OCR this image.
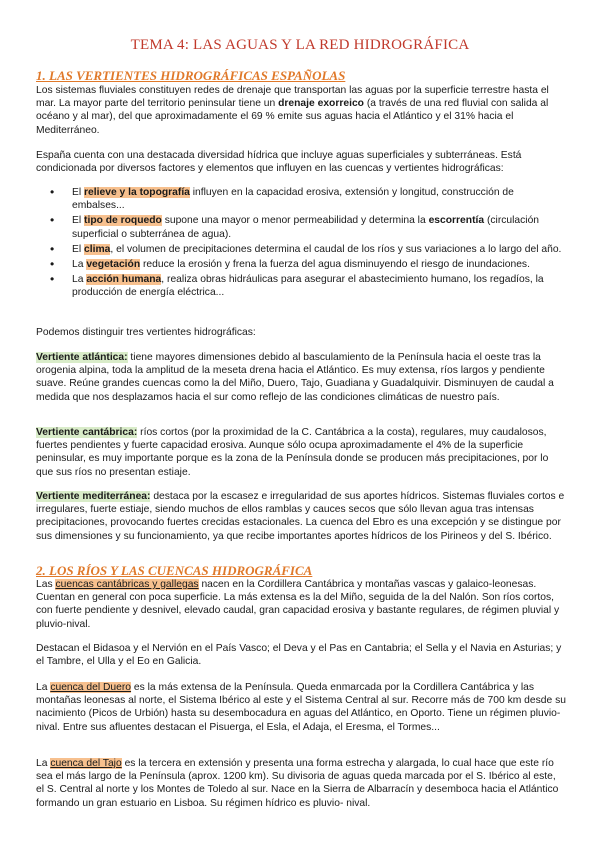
TEMA 4: LAS AGUAS Y LA RED HIDROGRÁFICA
1. LAS VERTIENTES HIDROGRÁFICAS ESPAÑOLAS
Los sistemas fluviales constituyen redes de drenaje que transportan las aguas por la superficie terrestre hasta el mar. La mayor parte del territorio peninsular tiene un drenaje exorreico (a través de una red fluvial con salida al océano y al mar), del que aproximadamente el 69 % emite sus aguas hacia el Atlántico y el 31% hacia el Mediterráneo.
España cuenta con una destacada diversidad hídrica que incluye aguas superficiales y subterráneas. Está condicionada por diversos factores y elementos que influyen en las cuencas y vertientes hidrográficas:
• El relieve y la topografía influyen en la capacidad erosiva, extensión y longitud, construcción de embalses...
• El tipo de roquedo supone una mayor o menor permeabilidad y determina la escorrentía (circulación superficial o subterránea de agua).
• El clima, el volumen de precipitaciones determina el caudal de los ríos y sus variaciones a lo largo del año.
• La vegetación reduce la erosión y frena la fuerza del agua disminuyendo el riesgo de inundaciones.
• La acción humana, realiza obras hidráulicas para asegurar el abastecimiento humano, los regadíos, la producción de energía eléctrica...
Podemos distinguir tres vertientes hidrográficas:
Vertiente atlántica: tiene mayores dimensiones debido al basculamiento de la Península hacia el oeste tras la orogenia alpina, toda la amplitud de la meseta drena hacia el Atlántico. Es muy extensa, ríos largos y pendiente suave. Reúne grandes cuencas como la del Miño, Duero, Tajo, Guadiana y Guadalquivir. Disminuyen de caudal a medida que nos desplazamos hacia el sur como reflejo de las condiciones climáticas de nuestro país.
Vertiente cantábrica: ríos cortos (por la proximidad de la C. Cantábrica a la costa), regulares, muy caudalosos, fuertes pendientes y fuerte capacidad erosiva. Aunque sólo ocupa aproximadamente el 4% de la superficie peninsular, es muy importante porque es la zona de la Península donde se producen más precipitaciones, por lo que sus ríos no presentan estiaje.
Vertiente mediterránea: destaca por la escasez e irregularidad de sus aportes hídricos. Sistemas fluviales cortos e irregulares, fuerte estiaje, siendo muchos de ellos ramblas y cauces secos que sólo llevan agua tras intensas precipitaciones, provocando fuertes crecidas estacionales. La cuenca del Ebro es una excepción y se distingue por sus dimensiones y su funcionamiento, ya que recibe importantes aportes hídricos de los Pirineos y del S. Ibérico.
2. LOS RÍOS Y LAS CUENCAS HIDROGRÁFICA
Las cuencas cantábricas y gallegas nacen en la Cordillera Cantábrica y montañas vascas y galaico-leonesas. Cuentan en general con poca superficie. La más extensa es la del Miño, seguida de la del Nalón. Son ríos cortos, con fuerte pendiente y desnivel, elevado caudal, gran capacidad erosiva y bastante regulares, de régimen pluvial y pluvio-nival.
Destacan el Bidasoa y el Nervión en el País Vasco; el Deva y el Pas en Cantabria; el Sella y el Navia en Asturias; y el Tambre, el Ulla y el Eo en Galicia.
La cuenca del Duero es la más extensa de la Península. Queda enmarcada por la Cordillera Cantábrica y las montañas leonesas al norte, el Sistema Ibérico al este y el Sistema Central al sur. Recorre más de 700 km desde su nacimiento (Picos de Urbión) hasta su desembocadura en aguas del Atlántico, en Oporto. Tiene un régimen pluvio-nival. Entre sus afluentes destacan el Pisuerga, el Esla, el Adaja, el Eresma, el Tormes...
La cuenca del Tajo es la tercera en extensión y presenta una forma estrecha y alargada, lo cual hace que este río sea el más largo de la Península (aprox. 1200 km). Su divisoria de aguas queda marcada por el S. Ibérico al este, el S. Central al norte y los Montes de Toledo al sur. Nace en la Sierra de Albarracín y desemboca hacia el Atlántico formando un gran estuario en Lisboa. Su régimen hídrico es pluvio- nival.
